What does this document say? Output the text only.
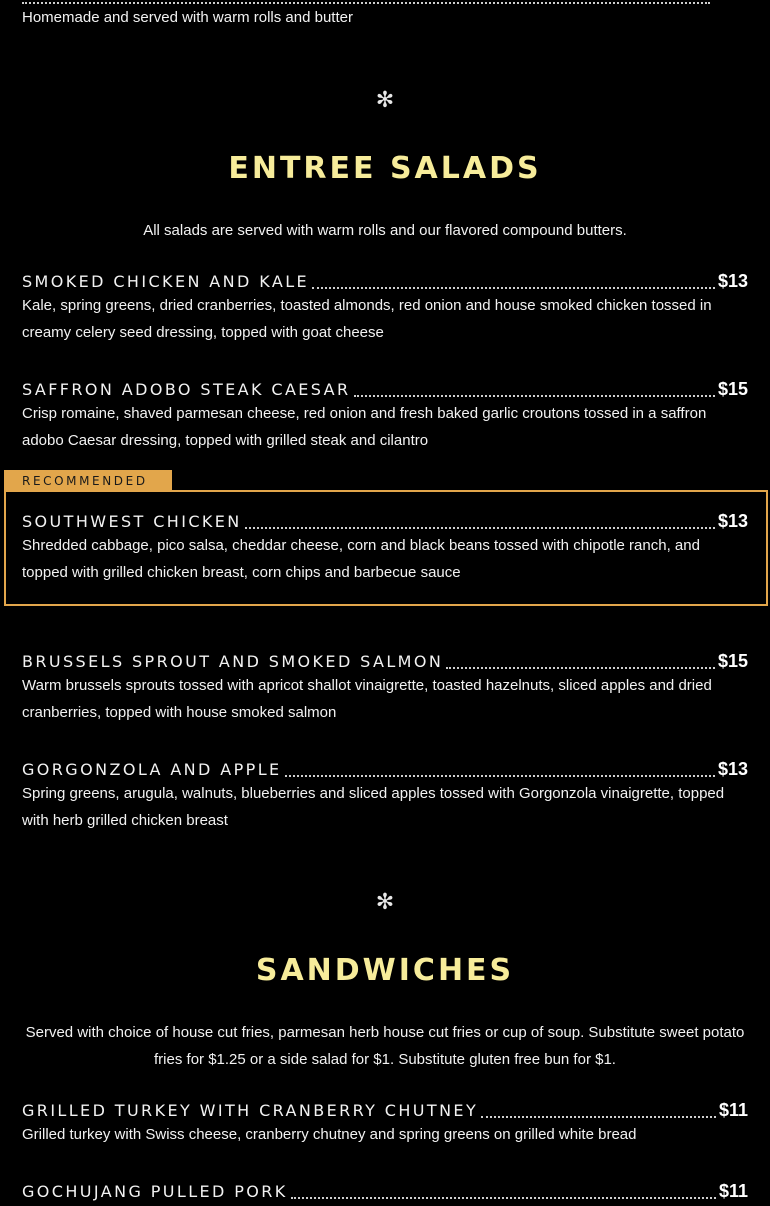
Homemade and served with warm rolls and butter
✻
ENTREE SALADS
All salads are served with warm rolls and our flavored compound butters.
SMOKED CHICKEN AND KALE	$13
Kale, spring greens, dried cranberries, toasted almonds, red onion and house smoked chicken tossed in creamy celery seed dressing, topped with goat cheese
SAFFRON ADOBO STEAK CAESAR	$15
Crisp romaine, shaved parmesan cheese, red onion and fresh baked garlic croutons tossed in a saffron adobo Caesar dressing, topped with grilled steak and cilantro
RECOMMENDED
SOUTHWEST CHICKEN	$13
Shredded cabbage, pico salsa, cheddar cheese, corn and black beans tossed with chipotle ranch, and topped with grilled chicken breast, corn chips and barbecue sauce
BRUSSELS SPROUT AND SMOKED SALMON	$15
Warm brussels sprouts tossed with apricot shallot vinaigrette, toasted hazelnuts, sliced apples and dried cranberries, topped with house smoked salmon
GORGONZOLA AND APPLE	$13
Spring greens, arugula, walnuts, blueberries and sliced apples tossed with Gorgonzola vinaigrette, topped with herb grilled chicken breast
✻
SANDWICHES
Served with choice of house cut fries, parmesan herb house cut fries or cup of soup. Substitute sweet potato fries for $1.25 or a side salad for $1. Substitute gluten free bun for $1.
GRILLED TURKEY WITH CRANBERRY CHUTNEY	$11
Grilled turkey with Swiss cheese, cranberry chutney and spring greens on grilled white bread
GOCHUJANG PULLED PORK	$11
